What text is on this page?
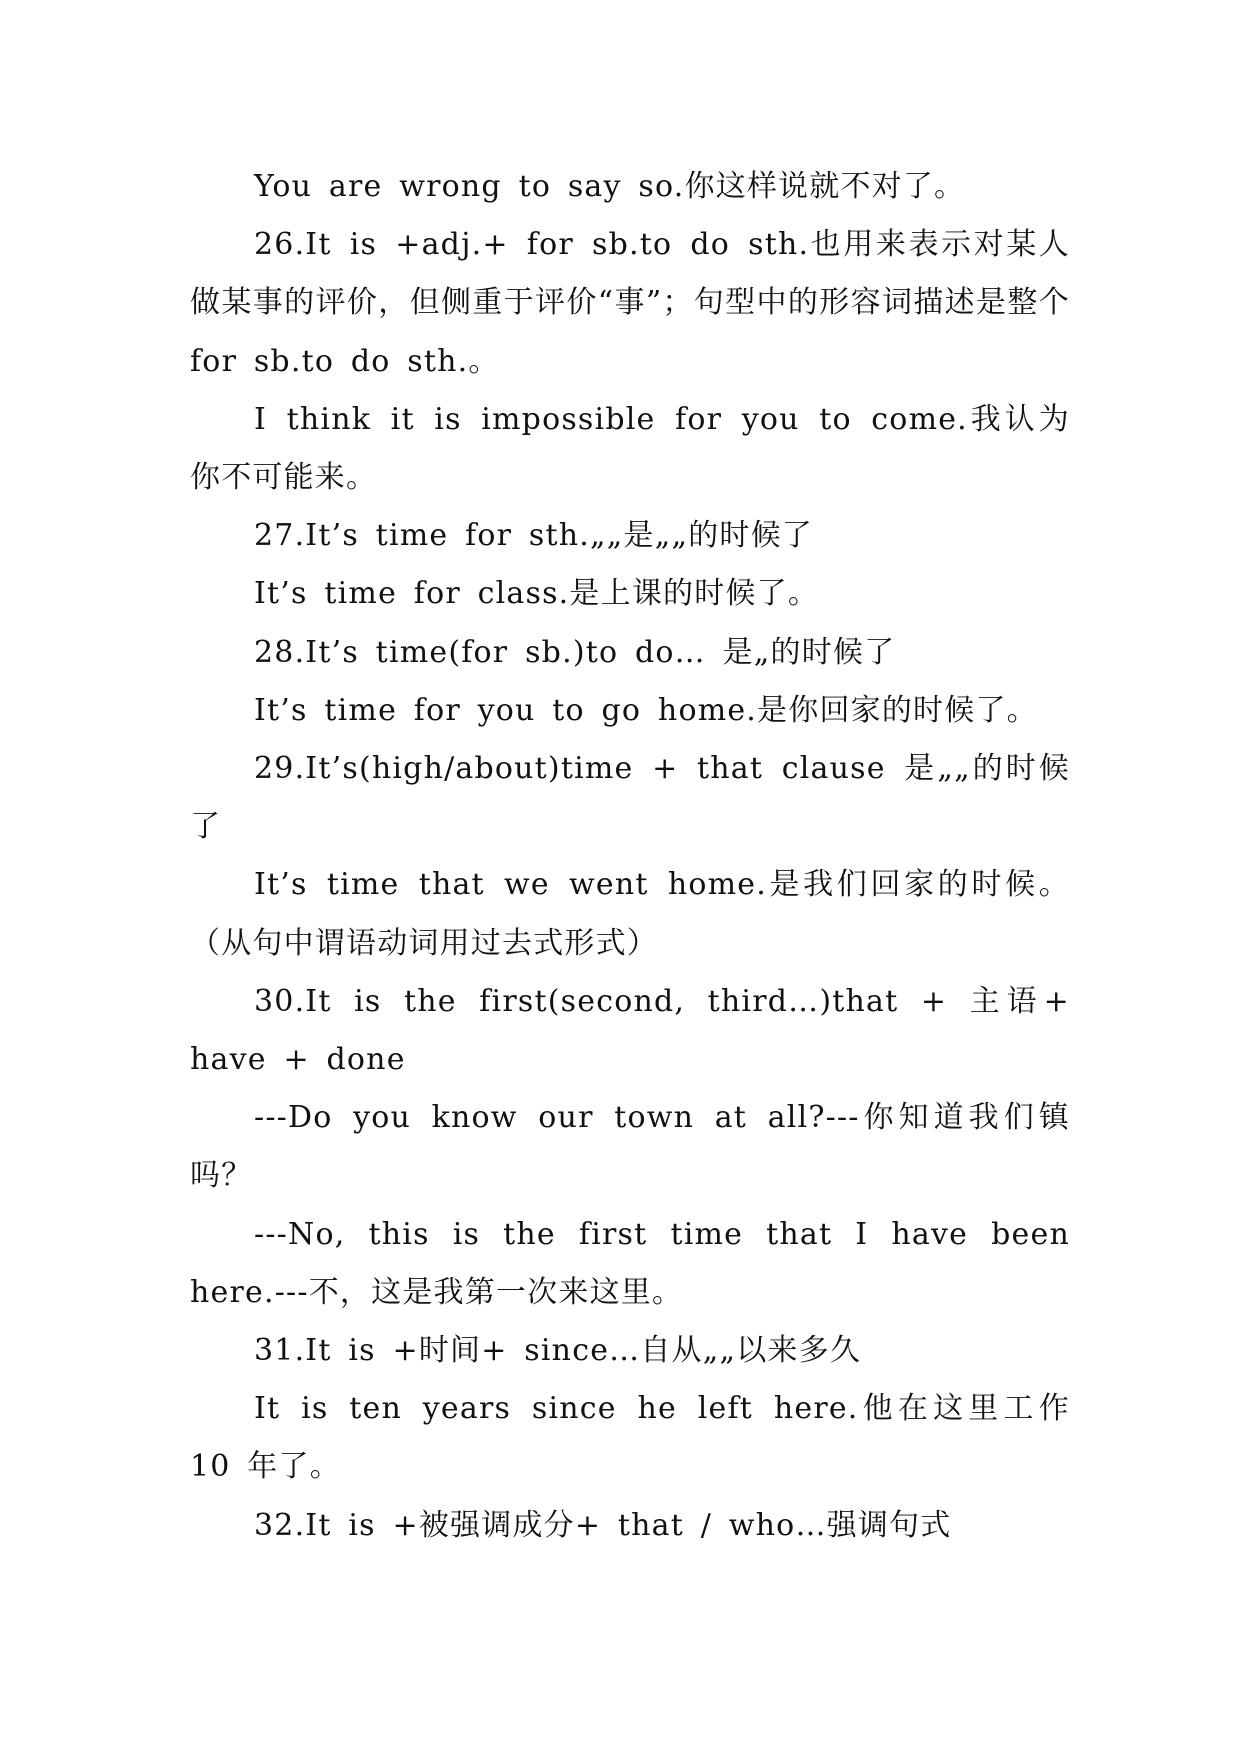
You are wrong to say so.你这样说就不对了。

26.It is +adj.+ for sb.to do sth.也用来表示对某人做某事的评价，但侧重于评价“事”；句型中的形容词描述是整个for sb.to do sth.。

I think it is impossible for you to come.我认为你不可能来。

27.It’s time for sth.„„是„„的时候了

It’s time for class.是上课的时候了。

28.It’s time(for sb.)to do… 是„的时候了

It’s time for you to go home.是你回家的时候了。

29.It’s(high/about)time + that clause 是„„的时候了

It’s time that we went home.是我们回家的时候。（从句中谓语动词用过去式形式）

30.It is the first(second, third…)that + 主语+ have + done

---Do you know our town at all?---你知道我们镇吗？

---No, this is the first time that I have been here.---不，这是我第一次来这里。

31.It is +时间+ since…自从„„以来多久

It is ten years since he left here.他在这里工作 10 年了。

32.It is +被强调成分+ that / who…强调句式
